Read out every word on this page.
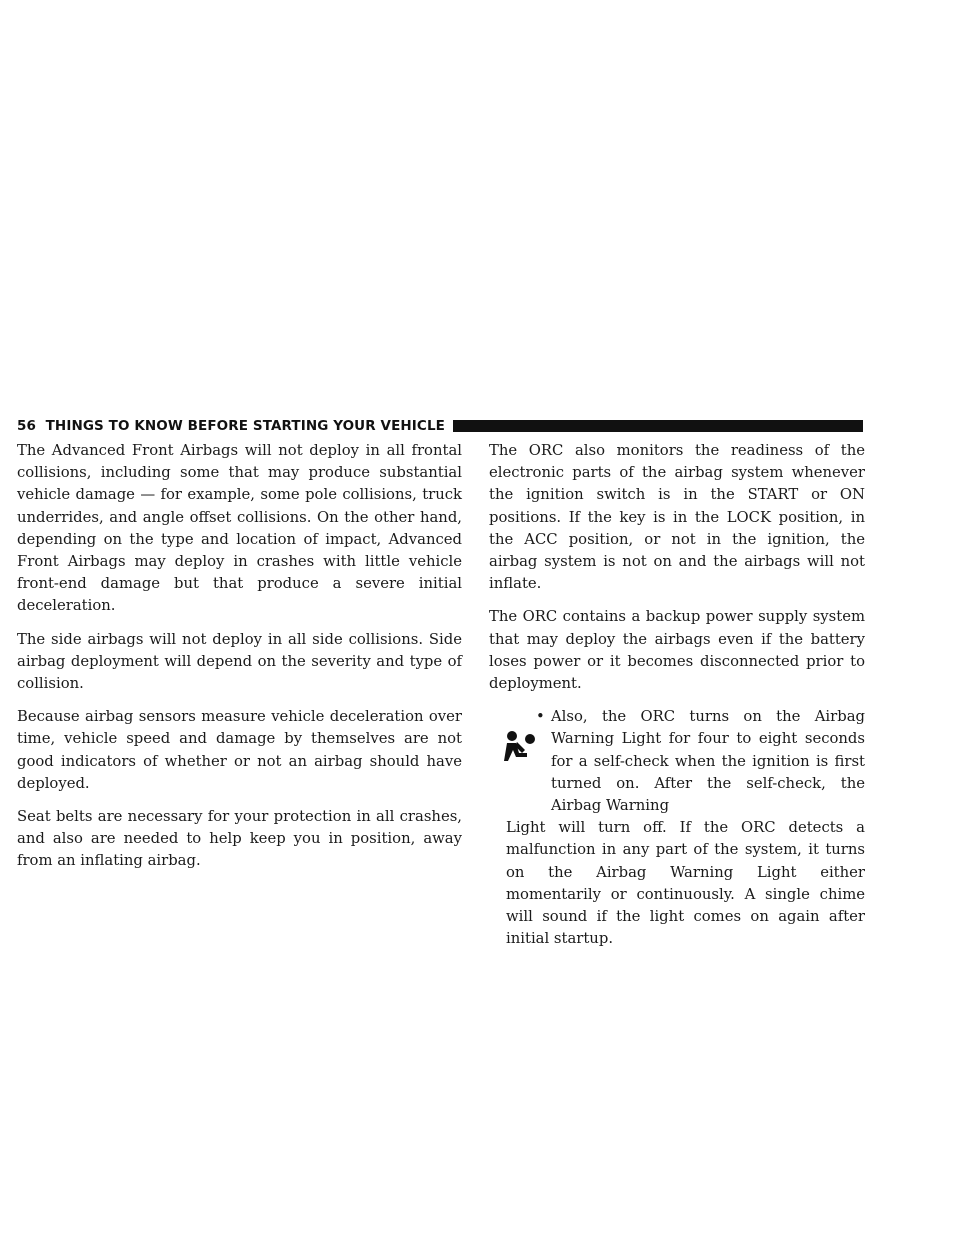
56 THINGS TO KNOW BEFORE STARTING YOUR VEHICLE

The Advanced Front Airbags will not deploy in all frontal collisions, including some that may produce substantial vehicle damage — for example, some pole collisions, truck underrides, and angle offset collisions. On the other hand, depending on the type and location of impact, Advanced Front Airbags may deploy in crashes with little vehicle front-end damage but that produce a severe initial deceleration.

The side airbags will not deploy in all side collisions. Side airbag deployment will depend on the severity and type of collision.

Because airbag sensors measure vehicle deceleration over time, vehicle speed and damage by themselves are not good indicators of whether or not an airbag should have deployed.

Seat belts are necessary for your protection in all crashes, and also are needed to help keep you in position, away from an inflating airbag.

The ORC also monitors the readiness of the electronic parts of the airbag system whenever the ignition switch is in the START or ON positions. If the key is in the LOCK position, in the ACC position, or not in the ignition, the airbag system is not on and the airbags will not inflate.

The ORC contains a backup power supply system that may deploy the airbags even if the battery loses power or it becomes disconnected prior to deployment.

• Also, the ORC turns on the Airbag Warning Light for four to eight seconds for a self-check when the ignition is first turned on. After the self-check, the Airbag Warning
Light will turn off. If the ORC detects a malfunction in any part of the system, it turns on the Airbag Warning Light either momentarily or continuously. A single chime will sound if the light comes on again after initial startup.
